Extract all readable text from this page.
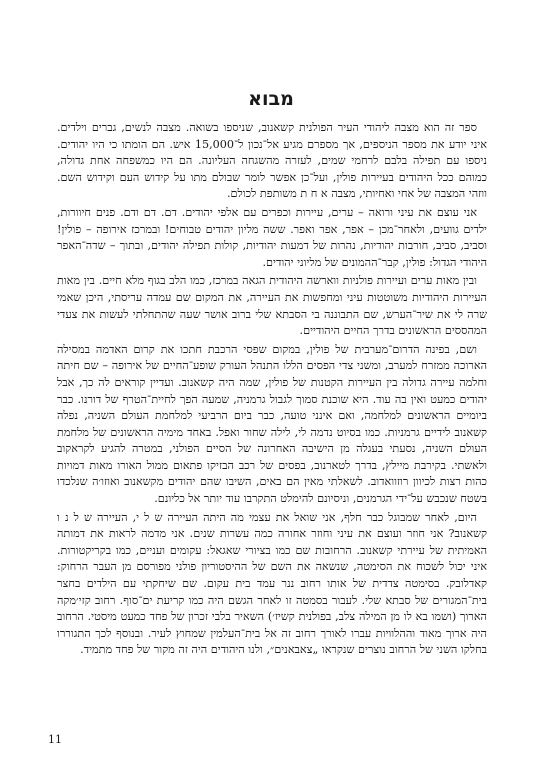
מבוא

ספר זה הוא מצבה ליהודי העיר הפולנית קשאנוב, שניספו בשואה. מצבה לנשים, גברים וילדים. איני יודע את מספר הניספים, אך מספרם מגיע אל־נכון ל־15,000 איש. הם הומתו כי היו יהודים. ניספו עם תפילה בלבם לרחמי שמים, לעזרה מהשגחה העליונה. הם היו כמשפחה אחת גדולה, כמוהם ככל היהודים בעיירות פולין, ועל־כן אפשר לומר שבולם מתו על קידוש העם וקידוש השם. ווזהי המצבה של אחי ואחיותי, מצבה א ח ת משותפת לכולם.

אני עוצם את עיני ורואה – ערים, עיירות וכפרים עם אלפי יהודים. דם. דם ודם. פנים חיוורות, ילדים גוועים, ולאחר־מכן – אפר, אפר ואפר. ששה מליון יהודים טבוחים! ובמרכז אירופה – פולין! וסביב, סביב, חורבות יהודיות, נהרות של דמעות יהודיות, קולות תפילה יהודים, ובתוך – שדה־האפר היהודי הגדול: פולין, קבר־ההמונים של מליוני יהודים.

ובין מאות ערים ועיירות פולניות ווארשה היהודית הגאה במרכז, כמו הלב בגוף מלא חיים. בין מאות העיירות היהודיות משוטטות עיני ומחפשות את העיירה, את המקום שם עמדה עריסתי, היכן שאמי שרה לי את שיר־הערש, שם התבוננה בי הסבתא שלי ברוב אושר שעה שהתחלתי לעשות את צעדי המהססים הראשונים בדרך החיים היהודיים.

ושם, בפינה הדרום־מערבית של פולין, במקום שפסי הרכבת חתכו את קרום האדמה במסילה הארוכה ממזרח למערב, ומשני צדי הפסים הללו התנהל העורק שופע־החיים של אירופה – שם חיתה וחלמה עיירה גדולה בין העיירות הקטנות של פולין, שמה היה קשאנוב. ועדיין קוראים לה כך, אבל יהודים כמעט ואין בה עוד. היא שוכנת סמוך לגבול גרמניה, שמעה הפך לחיית־הטרף של דורנו. כבר ביומיים הראשונים למלחמה, ואם אינני טועה, כבר ביום הרביעי למלחמת העולם השניה, נפלה קשאנוב לידיים גרמניות. כמו בסיוט נדמה לי, לילה שחור ואפל. באחד מימיה הראשונים של מלחמת העולם השניה, נסעתי בעגלה מן הישיבה האחרונה של הסיים הפולני, במטרה להגיע לקראקוב ולאשתי. בקירבת מיילץ, בדרך לטארנוב, בפסים של רכב הבזיקו פתאום ממול האורו מאות דמויות כהות רצות לכיוון רוזוואדוב. לשאלתי מאין הם באים, השיבו שהם יהודים מקשאנוב ואוזו׳ה שנלכדו בשטח שנכבש על־ידי הגרמנים, וניסיונם להימלט התקרבו עוד יותר אל כליונם.

היום, לאחר שמבוגל כבר חלף, אני שואל את עצמי מה היתה העיירה ש ל י, העיירה ש ל נ ו קשאנוב? אני חוזר ועוצם את עיני וחוזר אחורה כמה עשרות שנים. אני מדמה לראות את דמותה האמיתית של עיירתי קשאנוב. הרחובות שם כמו בציורי שאגאל: עקומים ועניים, כמו בקריקטורות. איני יכול לשכוח את הסימטה, שנשאה את השם של ההיסטוריון פולני מפורסם מן העבר הרחוק: קאדלובק. בסימטה צדדית של אותו רחוב ננר עמד בית עקום. שם שיחקתי עם הילדים בחצר בית־המגורים של סבתא שלי. לעבור בסמטה זו לאחר הגשם היה כמו קריעת ים־סוף. רחוב קזי׳מקה הארוך (ושמו בא לו מן המילה צלב, בפולנית קשיז׳) השאיר בלבי זכרון של פחד כמעט מיסטי. הרחוב היה ארוך מאוד וההלוויות עברו לאורך רחוב זה אל בית־העלמין שמחוץ לעיר. ובנוסף לכך התגוררו בחלקו השני של הרחוב נוצרים שנקראו „צאבאנים״, ולנו היהודים היה זה מקור של פחד מתמיד.

11
